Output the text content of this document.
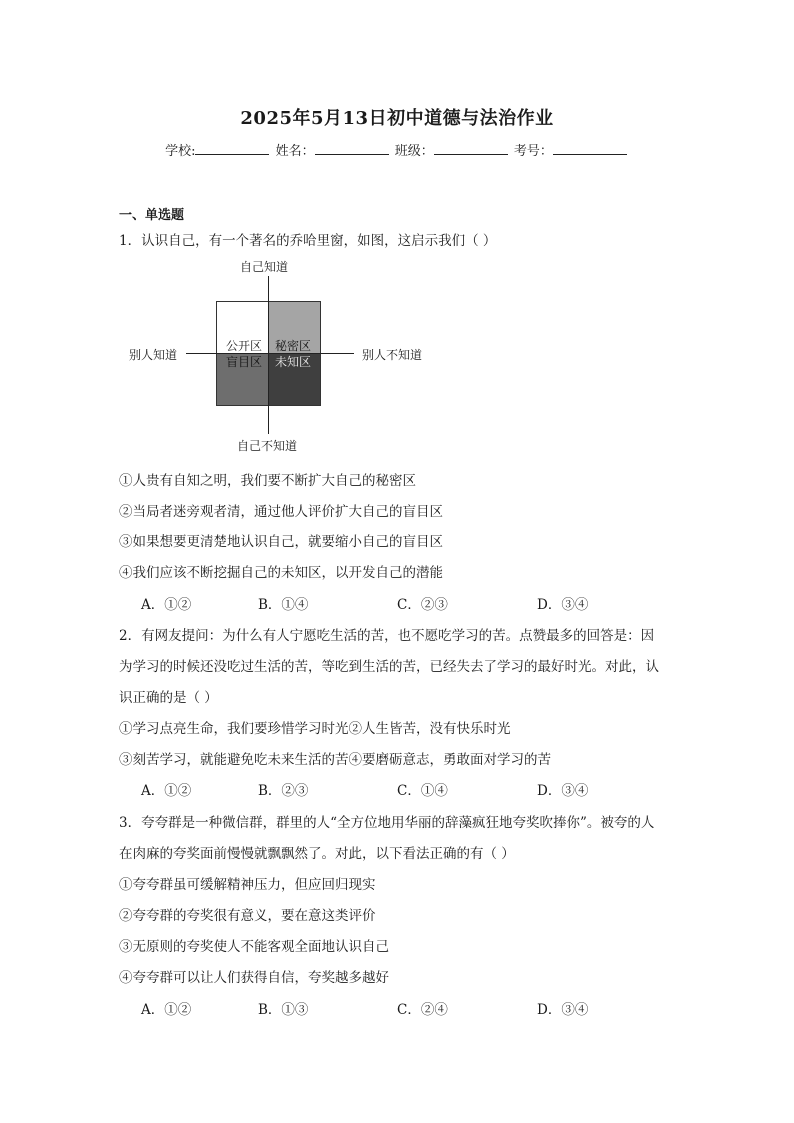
2025年5月13日初中道德与法治作业
学校:	姓名：	班级：	考号：
一、单选题
1．认识自己，有一个著名的乔哈里窗，如图，这启示我们（ ）
公开区 秘密区
盲目区 未知区
自己知道
自己不知道
别人知道	别人不知道
①人贵有自知之明，我们要不断扩大自己的秘密区
②当局者迷旁观者清，通过他人评价扩大自己的盲目区
③如果想要更清楚地认识自己，就要缩小自己的盲目区
④我们应该不断挖掘自己的未知区，以开发自己的潜能
A．①②	B．①④	C．②③	D．③④
2．有网友提问：为什么有人宁愿吃生活的苦，也不愿吃学习的苦。点赞最多的回答是：因
为学习的时候还没吃过生活的苦，等吃到生活的苦，已经失去了学习的最好时光。对此，认
识正确的是（ ）
①学习点亮生命，我们要珍惜学习时光②人生皆苦，没有快乐时光
③刻苦学习，就能避免吃未来生活的苦④要磨砺意志，勇敢面对学习的苦
A．①②	B．②③	C．①④	D．③④
3．夸夸群是一种微信群，群里的人“全方位地用华丽的辞藻疯狂地夸奖吹捧你”。被夸的人
在肉麻的夸奖面前慢慢就飘飘然了。对此，以下看法正确的有（ ）
①夸夸群虽可缓解精神压力，但应回归现实
②夸夸群的夸奖很有意义，要在意这类评价
③无原则的夸奖使人不能客观全面地认识自己
④夸夸群可以让人们获得自信，夸奖越多越好
A．①②	B．①③	C．②④	D．③④
